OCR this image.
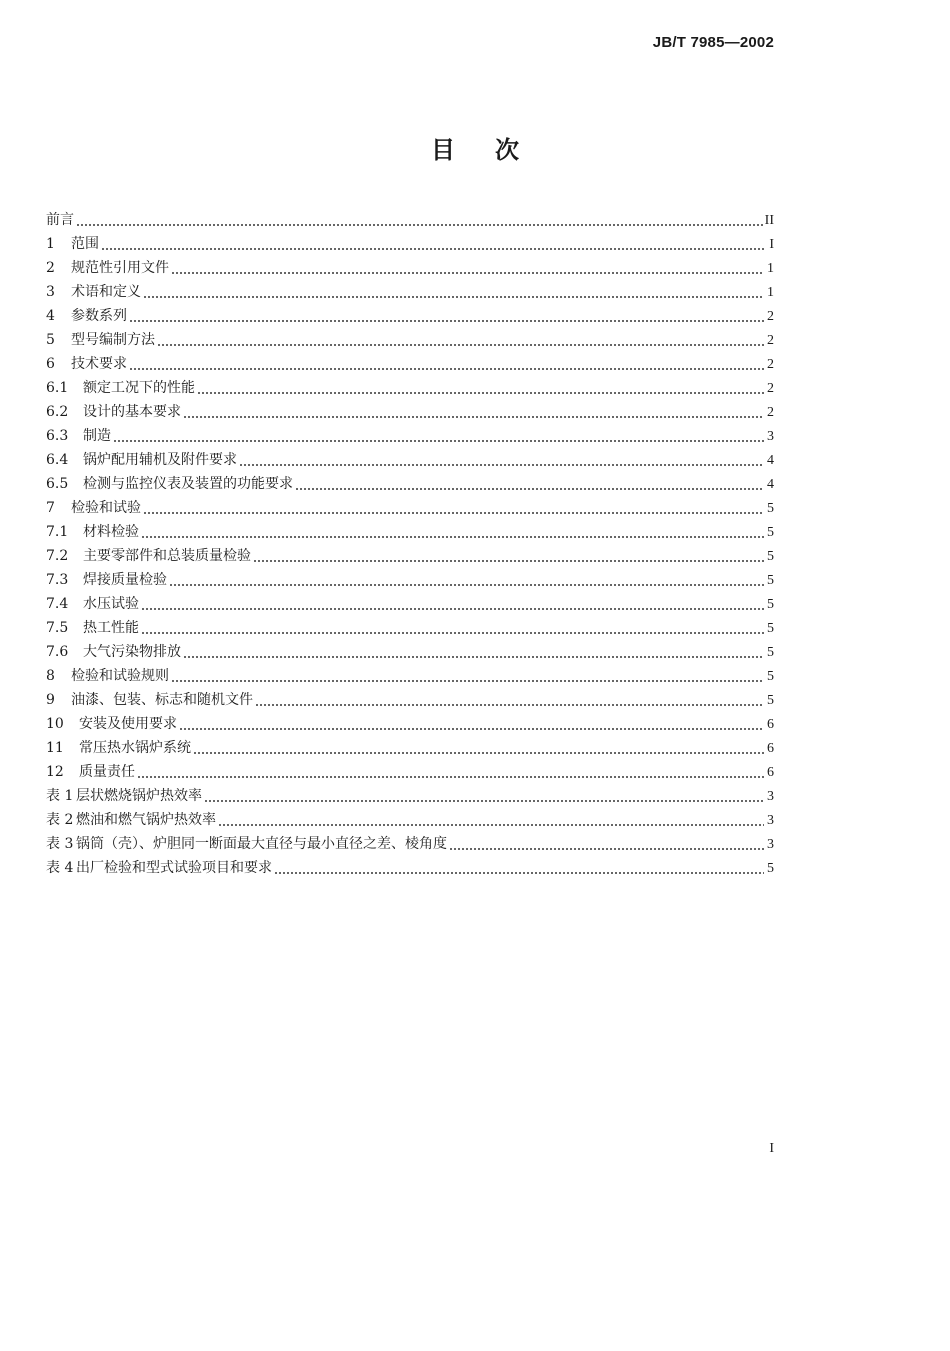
JB/T 7985—2002
目次
前言	II
1	范围	I
2	规范性引用文件	1
3	术语和定义	1
4	参数系列	2
5	型号编制方法	2
6	技术要求	2
6.1	额定工况下的性能	2
6.2	设计的基本要求	2
6.3	制造	3
6.4	锅炉配用辅机及附件要求	4
6.5	检测与监控仪表及装置的功能要求	4
7	检验和试验	5
7.1	材料检验	5
7.2	主要零部件和总装质量检验	5
7.3	焊接质量检验	5
7.4	水压试验	5
7.5	热工性能	5
7.6	大气污染物排放	5
8	检验和试验规则	5
9	油漆、包装、标志和随机文件	5
10	安装及使用要求	6
11	常压热水锅炉系统	6
12	质量责任	6
表 1 层状燃烧锅炉热效率	3
表 2 燃油和燃气锅炉热效率	3
表 3 锅筒（壳）、炉胆同一断面最大直径与最小直径之差、棱角度	3
表 4 出厂检验和型式试验项目和要求	5
I
